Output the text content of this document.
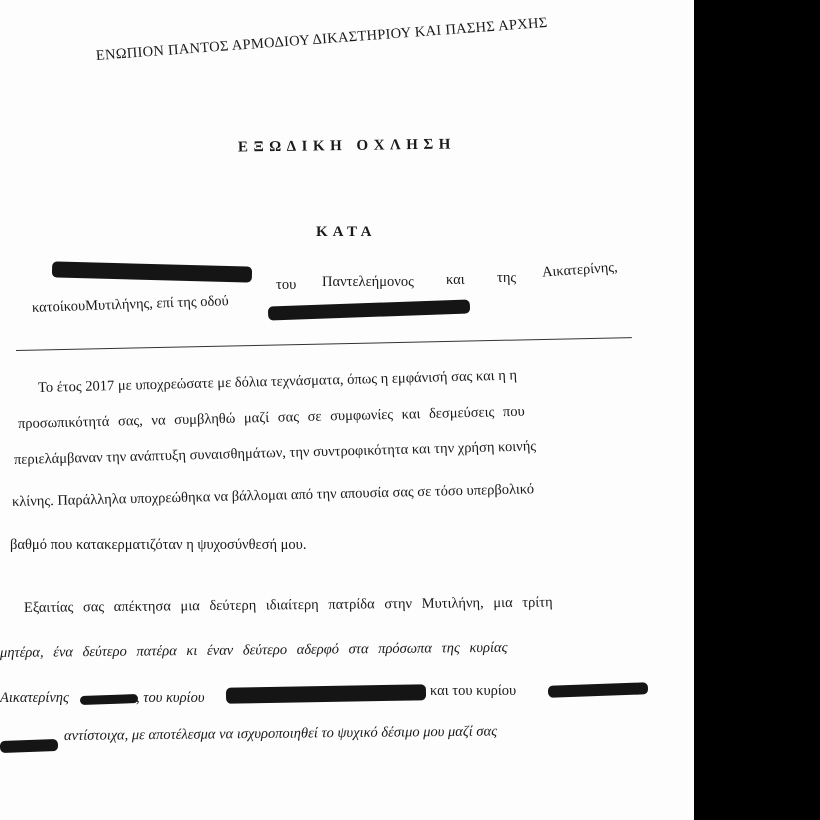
ΕΝΩΠΙΟΝ ΠΑΝΤΟΣ ΑΡΜΟΔΙΟΥ ΔΙΚΑΣΤΗΡΙΟΥ ΚΑΙ ΠΑΣΗΣ ΑΡΧΗΣ
ΕΞΩΔΙΚΗ ΟΧΛΗΣΗ
ΚΑΤΑ
του Παντελεήμονος και της Αικατερίνης,
κατοίκουΜυτιλήνης, επί της οδού
Το έτος 2017 με υποχρεώσατε με δόλια τεχνάσματα, όπως η εμφάνισή σας και η η
προσωπικότητά σας, να συμβληθώ μαζί σας σε συμφωνίες και δεσμεύσεις που
περιελάμβαναν την ανάπτυξη συναισθημάτων, την συντροφικότητα και την χρήση κοινής
κλίνης. Παράλληλα υποχρεώθηκα να βάλλομαι από την απουσία σας σε τόσο υπερβολικό
βαθμό που κατακερματιζόταν η ψυχοσύνθεσή μου.
Εξαιτίας σας απέκτησα μια δεύτερη ιδιαίτερη πατρίδα στην Μυτιλήνη, μια τρίτη
μητέρα, ένα δεύτερο πατέρα κι έναν δεύτερο αδερφό στα πρόσωπα της κυρίας
Αικατερίνης	, του κυρίου	και του κυρίου
αντίστοιχα, με αποτέλεσμα να ισχυροποιηθεί το ψυχικό δέσιμο μου μαζί σας
